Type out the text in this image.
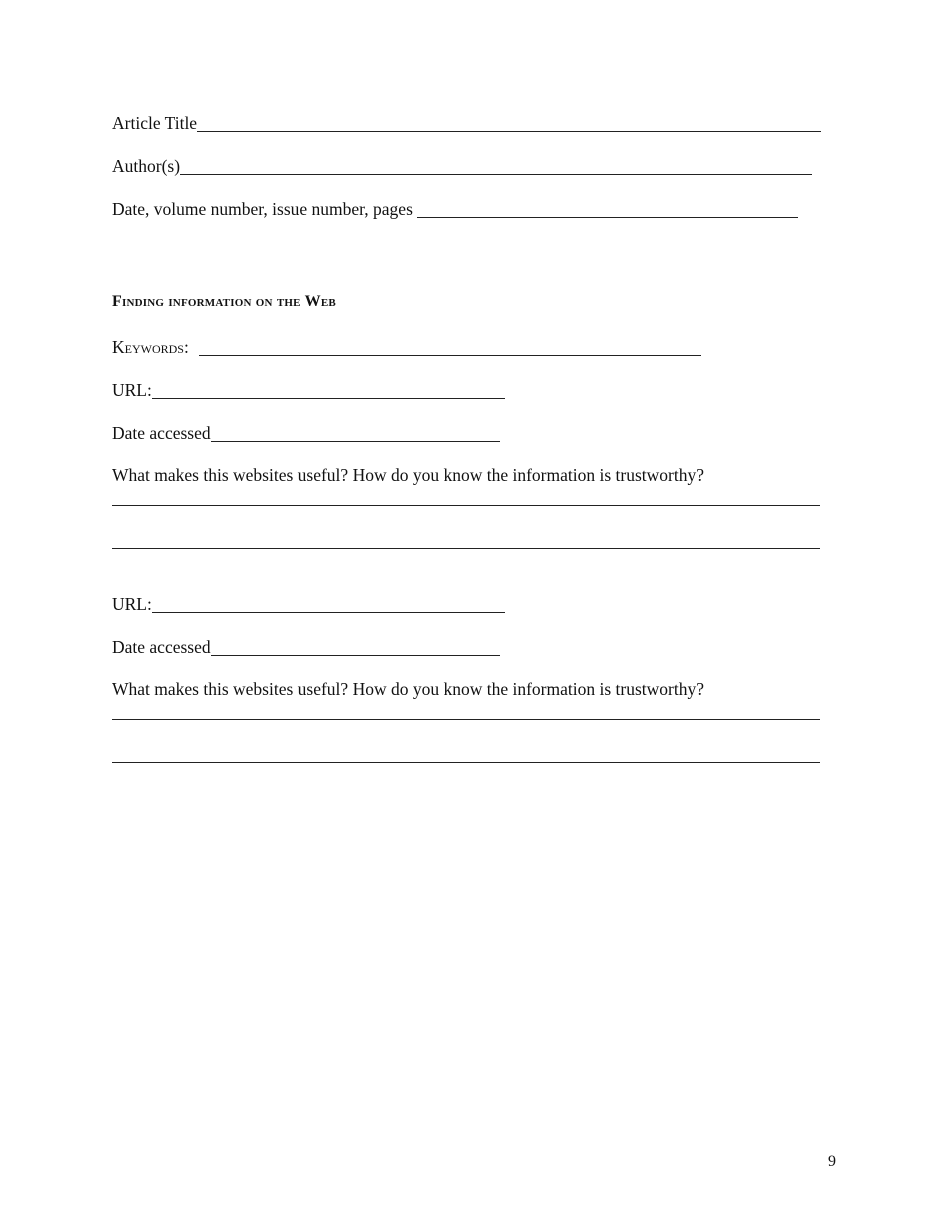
Article Title
Author(s)
Date, volume number, issue number, pages
Finding information on the Web
Keywords:
URL:
Date accessed
What makes this websites useful? How do you know the information is trustworthy?
URL:
Date accessed
What makes this websites useful? How do you know the information is trustworthy?
9
